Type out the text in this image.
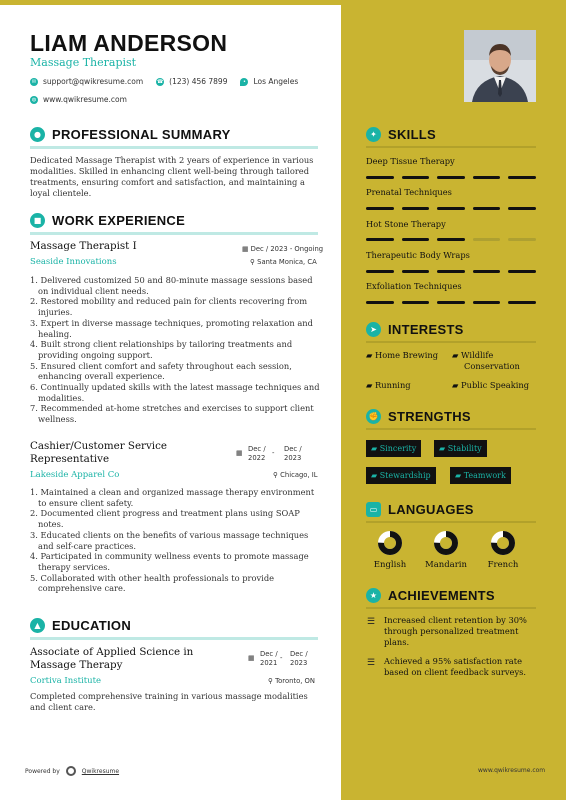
LIAM ANDERSON
Massage Therapist
✉ support@qwikresume.com	☎ (123) 456 7899	•	Los Angeles
◍ www.qwikresume.com
● PROFESSIONAL SUMMARY
Dedicated Massage Therapist with 2 years of experience in various modalities. Skilled in enhancing client well-being through tailored treatments, ensuring comfort and satisfaction, and maintaining a loyal clientele.
■ WORK EXPERIENCE
Massage Therapist I	▦ Dec / 2023 - Ongoing
Seaside Innovations	⚲ Santa Monica, CA
1. Delivered customized 50 and 80-minute massage sessions based on individual client needs.
2. Restored mobility and reduced pain for clients recovering from injuries.
3. Expert in diverse massage techniques, promoting relaxation and healing.
4. Built strong client relationships by tailoring treatments and providing ongoing support.
5. Ensured client comfort and safety throughout each session, enhancing overall experience.
6. Continually updated skills with the latest massage techniques and modalities.
7. Recommended at-home stretches and exercises to support client wellness.
Cashier/Customer Service Representative	▦ Dec / 2022
- Dec / 2023
Lakeside Apparel Co	⚲ Chicago, IL
1. Maintained a clean and organized massage therapy environment to ensure client safety.
2. Documented client progress and treatment plans using SOAP notes.
3. Educated clients on the benefits of various massage techniques and self-care practices.
4. Participated in community wellness events to promote massage therapy services.
5. Collaborated with other health professionals to provide comprehensive care.
▲ EDUCATION
Associate of Applied Science in Massage Therapy
▦ Dec / 2021
- Dec / 2023
Cortiva Institute	⚲ Toronto, ON
Completed comprehensive training in various massage modalities and client care.
Powered by	Qwikresume
✦ SKILLS
Deep Tissue Therapy
Prenatal Techniques
Hot Stone Therapy
Therapeutic Body Wraps
Exfoliation Techniques
➤ INTERESTS
▰ Home Brewing ▰ Wildlife Conservation
▰ Running	▰ Public Speaking
✊ STRENGTHS
▰ Sincerity	▰ Stability
▰ Stewardship	▰ Teamwork
▭ LANGUAGES
English	Mandarin	French
★ ACHIEVEMENTS
☰ Increased client retention by 30% through personalized treatment plans.
☰ Achieved a 95% satisfaction rate based on client feedback surveys.
www.qwikresume.com
